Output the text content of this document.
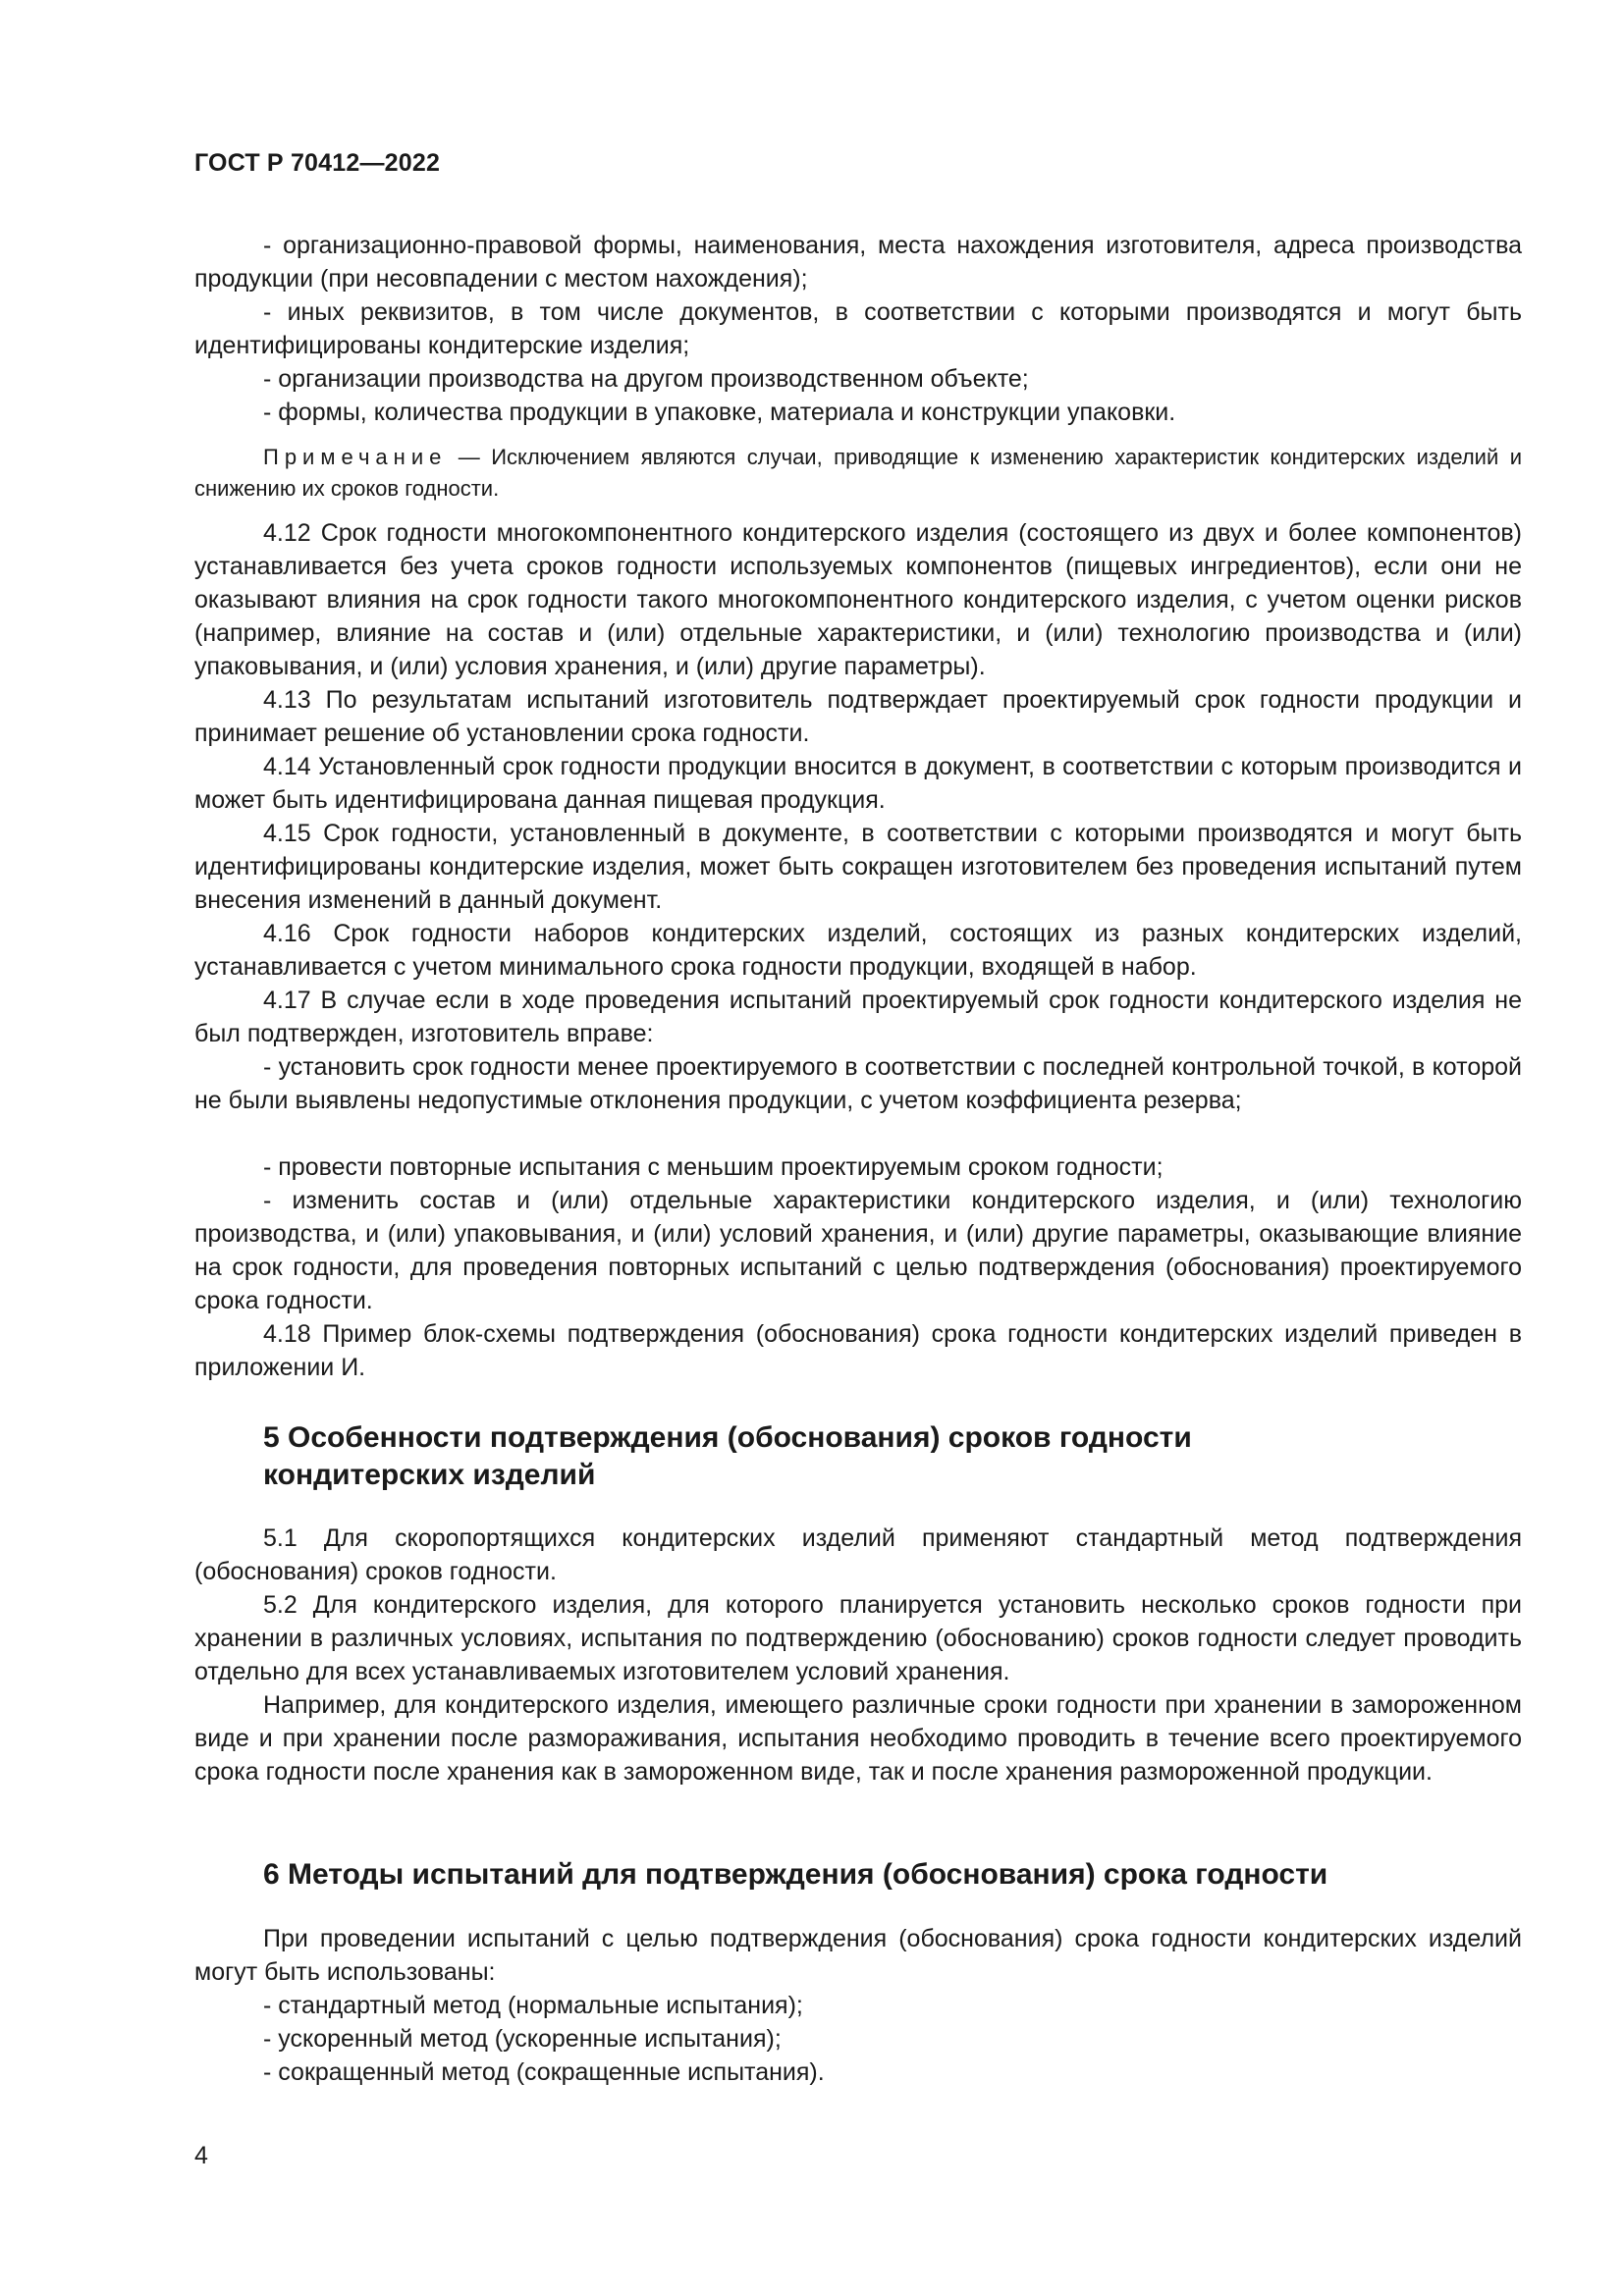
ГОСТ Р 70412—2022

- организационно-правовой формы, наименования, места нахождения изготовителя, адреса производства продукции (при несовпадении с местом нахождения);

- иных реквизитов, в том числе документов, в соответствии с которыми производятся и могут быть идентифицированы кондитерские изделия;

- организации производства на другом производственном объекте;

- формы, количества продукции в упаковке, материала и конструкции упаковки.

Примечание — Исключением являются случаи, приводящие к изменению характеристик кондитерских изделий и снижению их сроков годности.

4.12 Срок годности многокомпонентного кондитерского изделия (состоящего из двух и более компонентов) устанавливается без учета сроков годности используемых компонентов (пищевых ингредиентов), если они не оказывают влияния на срок годности такого многокомпонентного кондитерского изделия, с учетом оценки рисков (например, влияние на состав и (или) отдельные характеристики, и (или) технологию производства и (или) упаковывания, и (или) условия хранения, и (или) другие параметры).

4.13 По результатам испытаний изготовитель подтверждает проектируемый срок годности продукции и принимает решение об установлении срока годности.

4.14 Установленный срок годности продукции вносится в документ, в соответствии с которым производится и может быть идентифицирована данная пищевая продукция.

4.15 Срок годности, установленный в документе, в соответствии с которыми производятся и могут быть идентифицированы кондитерские изделия, может быть сокращен изготовителем без проведения испытаний путем внесения изменений в данный документ.

4.16 Срок годности наборов кондитерских изделий, состоящих из разных кондитерских изделий, устанавливается с учетом минимального срока годности продукции, входящей в набор.

4.17 В случае если в ходе проведения испытаний проектируемый срок годности кондитерского изделия не был подтвержден, изготовитель вправе:

- установить срок годности менее проектируемого в соответствии с последней контрольной точкой, в которой не были выявлены недопустимые отклонения продукции, с учетом коэффициента резерва;

- провести повторные испытания с меньшим проектируемым сроком годности;

- изменить состав и (или) отдельные характеристики кондитерского изделия, и (или) технологию производства, и (или) упаковывания, и (или) условий хранения, и (или) другие параметры, оказывающие влияние на срок годности, для проведения повторных испытаний с целью подтверждения (обоснования) проектируемого срока годности.

4.18 Пример блок-схемы подтверждения (обоснования) срока годности кондитерских изделий приведен в приложении И.

5 Особенности подтверждения (обоснования) сроков годности
кондитерских изделий

5.1 Для скоропортящихся кондитерских изделий применяют стандартный метод подтверждения (обоснования) сроков годности.

5.2 Для кондитерского изделия, для которого планируется установить несколько сроков годности при хранении в различных условиях, испытания по подтверждению (обоснованию) сроков годности следует проводить отдельно для всех устанавливаемых изготовителем условий хранения.

Например, для кондитерского изделия, имеющего различные сроки годности при хранении в замороженном виде и при хранении после размораживания, испытания необходимо проводить в течение всего проектируемого срока годности после хранения как в замороженном виде, так и после хранения размороженной продукции.

6 Методы испытаний для подтверждения (обоснования) срока годности

При проведении испытаний с целью подтверждения (обоснования) срока годности кондитерских изделий могут быть использованы:

- стандартный метод (нормальные испытания);

- ускоренный метод (ускоренные испытания);

- сокращенный метод (сокращенные испытания).

4
